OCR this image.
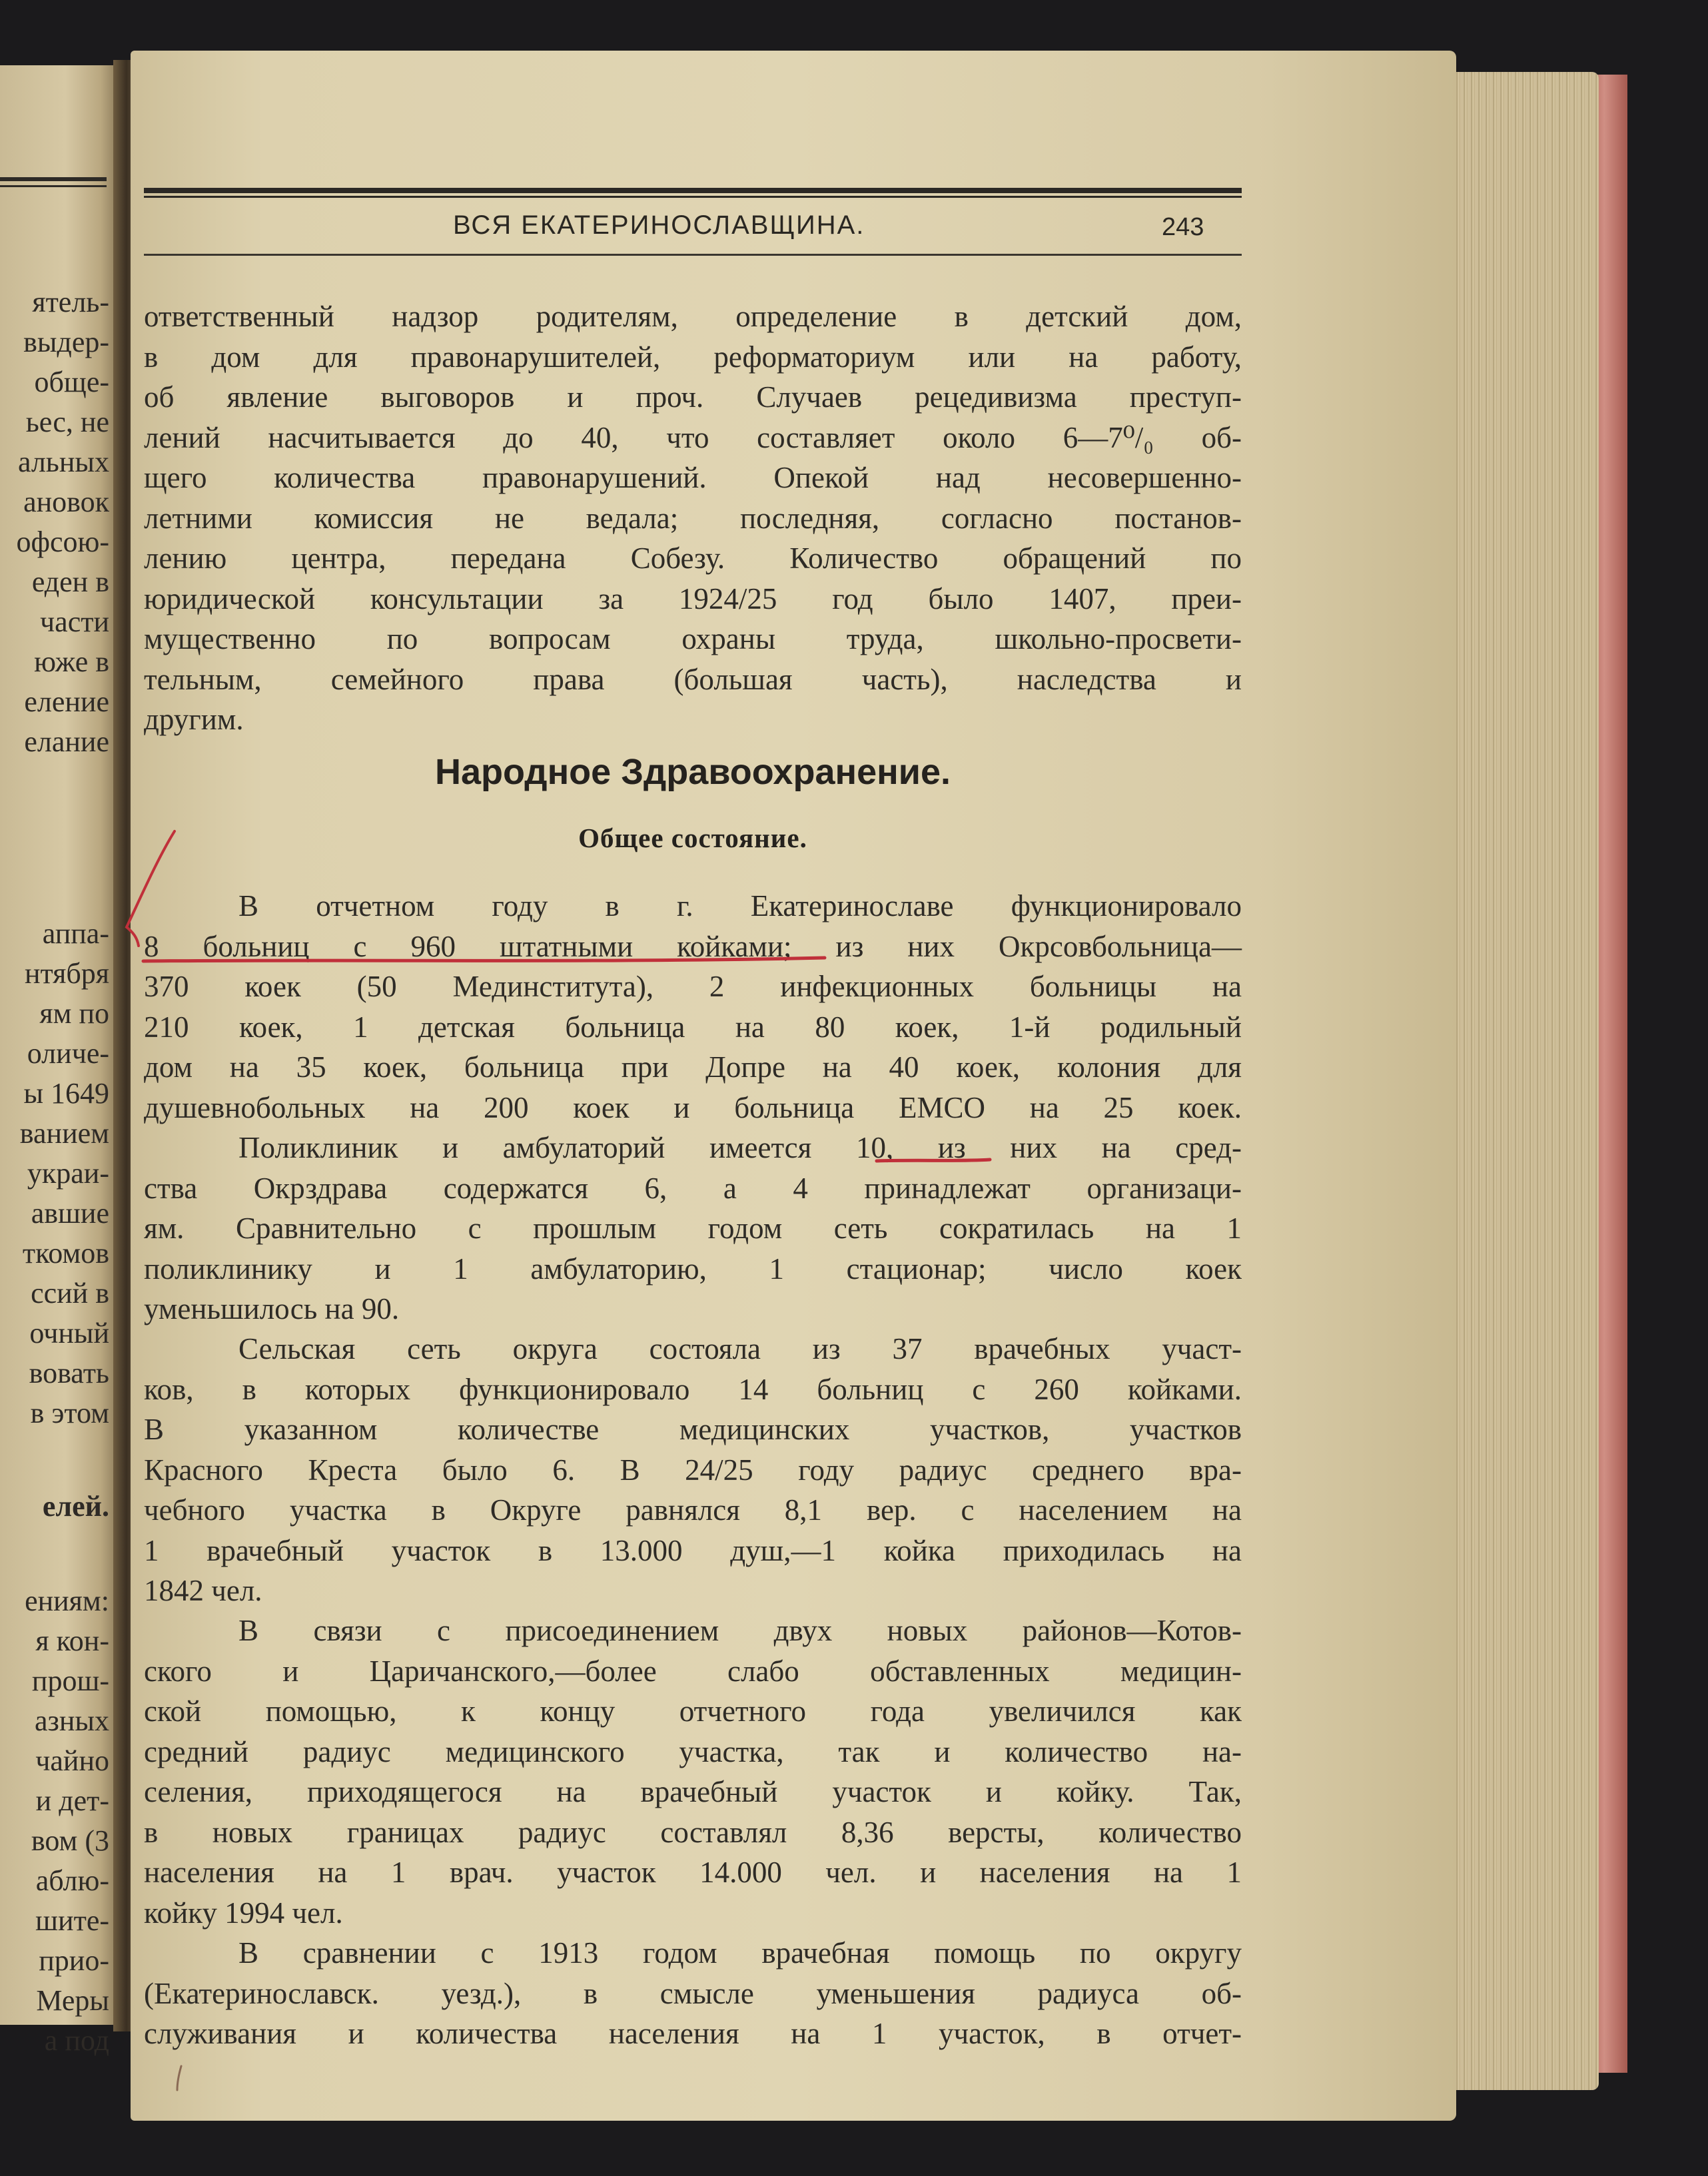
ятель-
выдер-
обще-
ьес, не
альных
ановок
офсою-
еден в
части
юже в
еление
елание
аппа-
нтября
ям по
оличе-
ы 1649
ванием
украи-
авшие
ткомов
ссий в
очный
вовать
в этом
елей.
ениям:
я кон-
прош-
азных
чайно
и дет-
вом (3
аблю-
шите-
прио-
Меры
а под
ВСЯ ЕКАТЕРИНОСЛАВЩИНА.	243
ответственный надзор родителям, определение в детский дом,
в дом для правонарушителей, реформаториум или на работу,
об явление выговоров и проч. Случаев рецедивизма преступ-
лений насчитывается до 40, что составляет около 6—7⁰/₀ об-
щего количества правонарушений. Опекой над несовершенно-
летними комиссия не ведала; последняя, согласно постанов-
лению центра, передана Собезу. Количество обращений по
юридической консультации за 1924/25 год было 1407, преи-
мущественно по вопросам охраны труда, школьно-просвети-
тельным, семейного права (большая часть), наследства и
другим.
Народное Здравоохранение.
Общее состояние.
В отчетном году в г. Екатеринославе функционировало
8 больниц с 960 штатными койками; из них Окрсовбольница—
370 коек (50 Мединститута), 2 инфекционных больницы на
210 коек, 1 детская больница на 80 коек, 1-й родильный
дом на 35 коек, больница при Допре на 40 коек, колония для
душевнобольных на 200 коек и больница ЕМСО на 25 коек.
Поликлиник и амбулаторий имеется 10, из них на сред-
ства Окрздрава содержатся 6, а 4 принадлежат организаци-
ям. Сравнительно с прошлым годом сеть сократилась на 1
поликлинику и 1 амбулаторию, 1 стационар; число коек
уменьшилось на 90.
Сельская сеть округа состояла из 37 врачебных участ-
ков, в которых функционировало 14 больниц с 260 койками.
В указанном количестве медицинских участков, участков
Красного Креста было 6. В 24/25 году радиус среднего вра-
чебного участка в Округе равнялся 8,1 вер. с населением на
1 врачебный участок в 13.000 душ,—1 койка приходилась на
1842 чел.
В связи с присоединением двух новых районов—Котов-
ского и Царичанского,—более слабо обставленных медицин-
ской помощью, к концу отчетного года увеличился как
средний радиус медицинского участка, так и количество на-
селения, приходящегося на врачебный участок и койку. Так,
в новых границах радиус составлял 8,36 версты, количество
населения на 1 врач. участок 14.000 чел. и населения на 1
койку 1994 чел.
В сравнении с 1913 годом врачебная помощь по округу
(Екатеринославск. уезд.), в смысле уменьшения радиуса об-
служивания и количества населения на 1 участок, в отчет-
